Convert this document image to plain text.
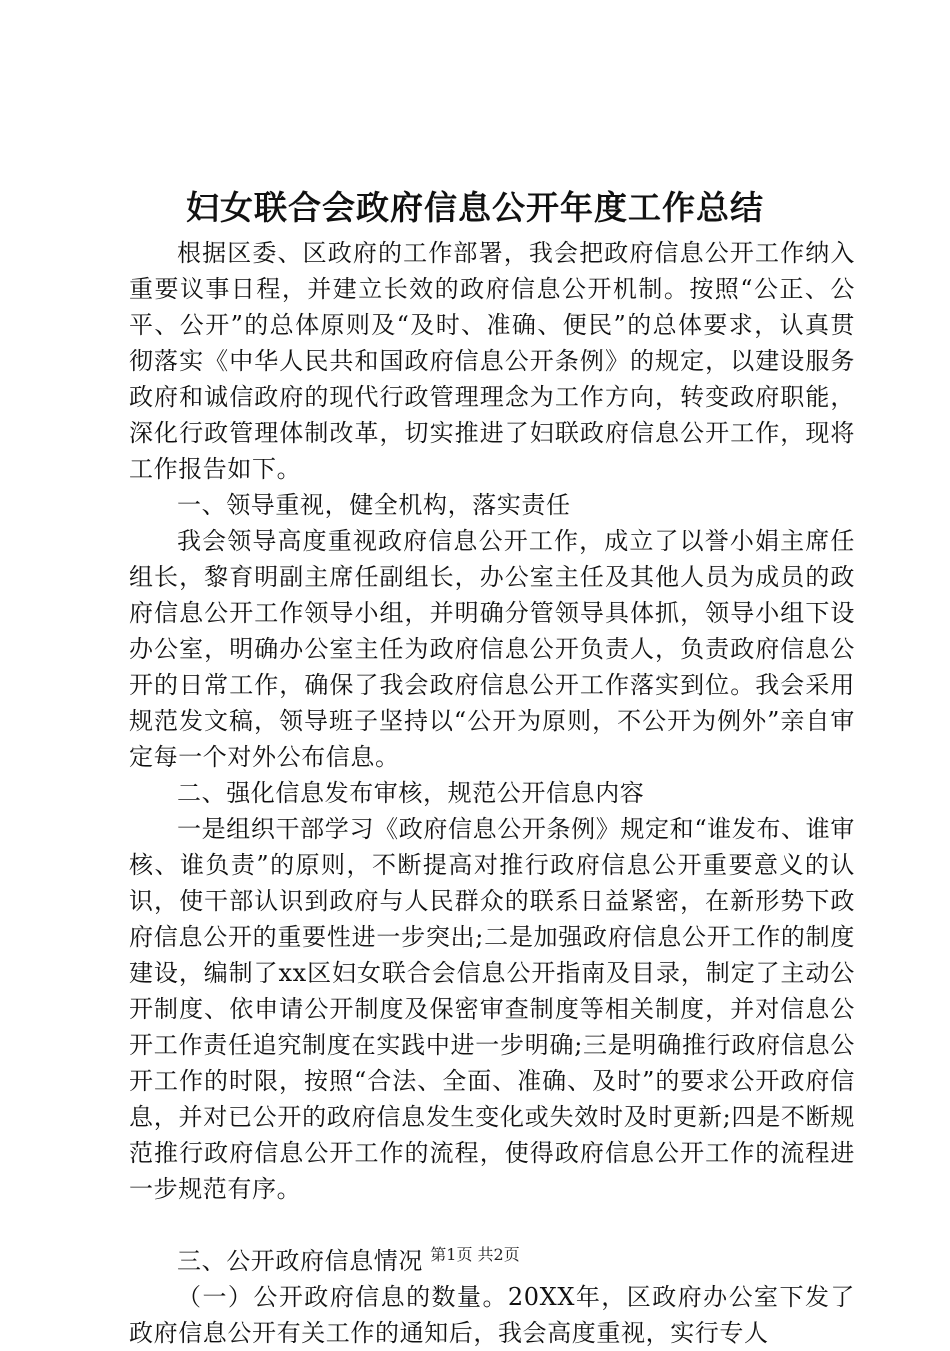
妇女联合会政府信息公开年度工作总结

根据区委、区政府的工作部署，我会把政府信息公开工作纳入重要议事日程，并建立长效的政府信息公开机制。按照“公正、公平、公开”的总体原则及“及时、准确、便民”的总体要求，认真贯彻落实《中华人民共和国政府信息公开条例》的规定，以建设服务政府和诚信政府的现代行政管理理念为工作方向，转变政府职能，深化行政管理体制改革，切实推进了妇联政府信息公开工作，现将工作报告如下。

一、领导重视，健全机构，落实责任

我会领导高度重视政府信息公开工作，成立了以誉小娟主席任组长，黎育明副主席任副组长，办公室主任及其他人员为成员的政府信息公开工作领导小组，并明确分管领导具体抓，领导小组下设办公室，明确办公室主任为政府信息公开负责人，负责政府信息公开的日常工作，确保了我会政府信息公开工作落实到位。我会采用规范发文稿，领导班子坚持以“公开为原则，不公开为例外”亲自审定每一个对外公布信息。

二、强化信息发布审核，规范公开信息内容

一是组织干部学习《政府信息公开条例》规定和“谁发布、谁审核、谁负责”的原则，不断提高对推行政府信息公开重要意义的认识，使干部认识到政府与人民群众的联系日益紧密，在新形势下政府信息公开的重要性进一步突出;二是加强政府信息公开工作的制度建设，编制了xx区妇女联合会信息公开指南及目录，制定了主动公开制度、依申请公开制度及保密审查制度等相关制度，并对信息公开工作责任追究制度在实践中进一步明确;三是明确推行政府信息公开工作的时限，按照“合法、全面、准确、及时”的要求公开政府信息，并对已公开的政府信息发生变化或失效时及时更新;四是不断规范推行政府信息公开工作的流程，使得政府信息公开工作的流程进一步规范有序。

三、公开政府信息情况

（一）公开政府信息的数量。20XX年，区政府办公室下发了政府信息公开有关工作的通知后，我会高度重视，实行专人

第1页 共2页
